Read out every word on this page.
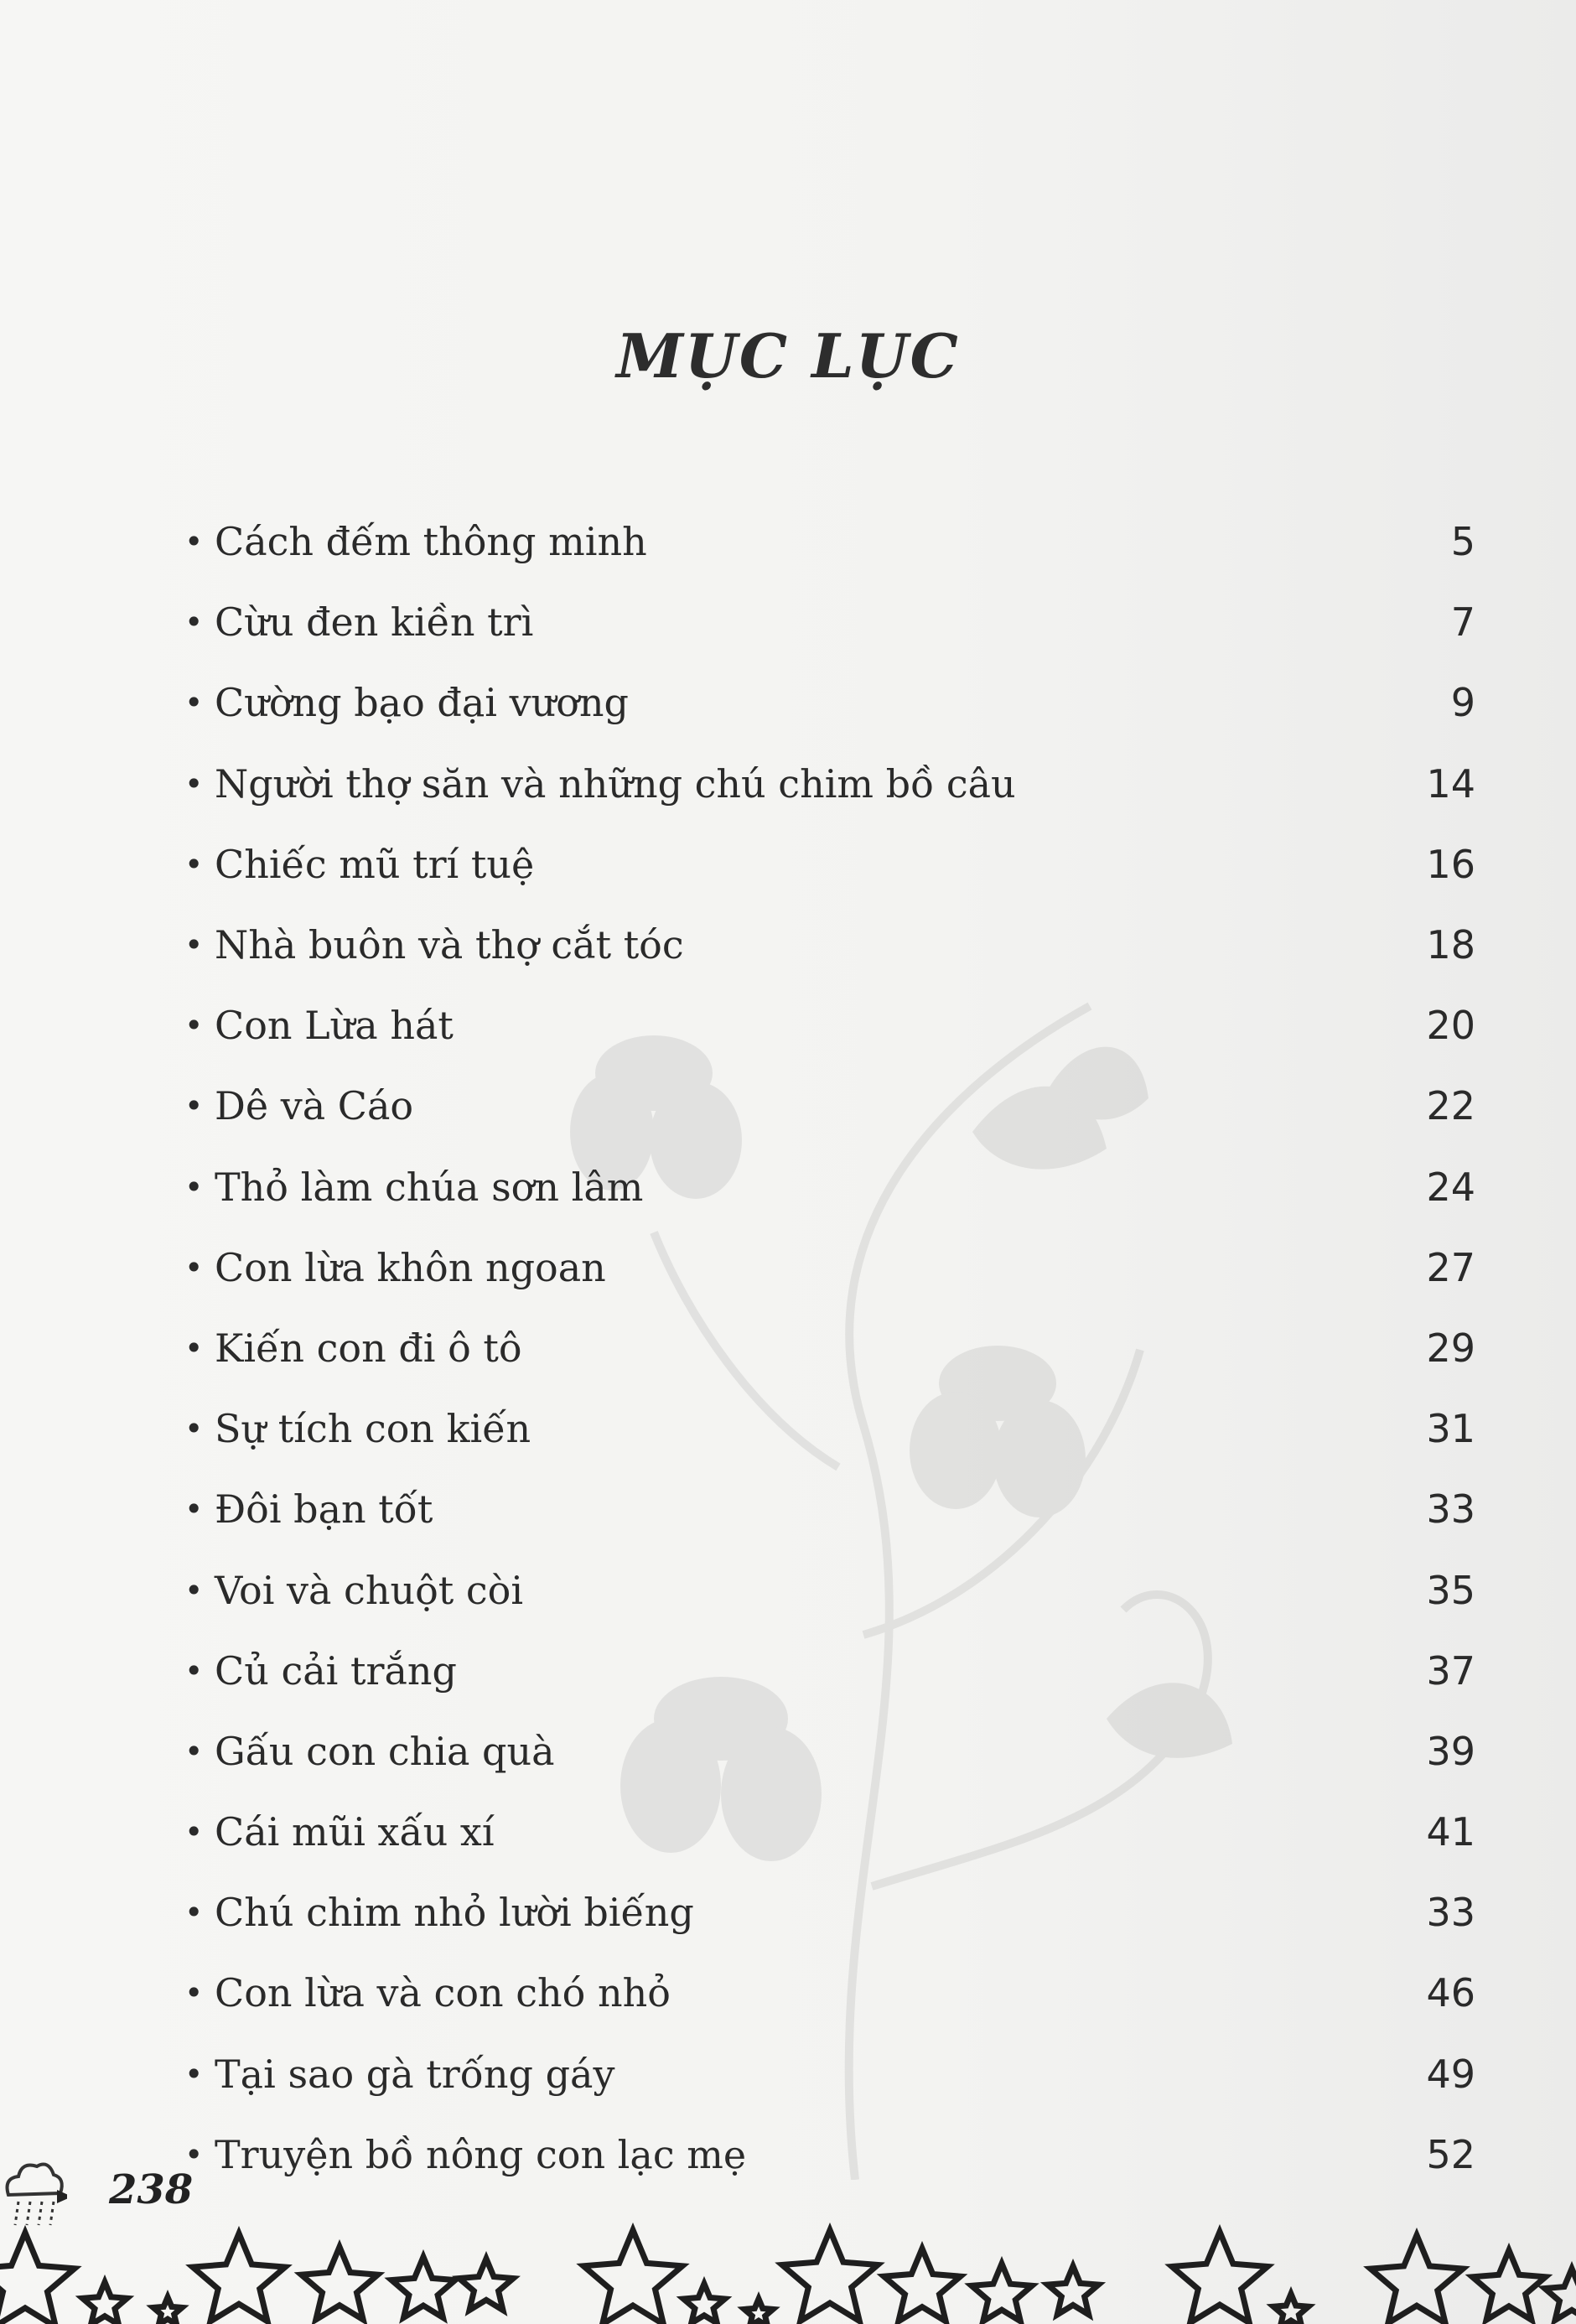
MỤC LỤC
• Cách đếm thông minh	5
• Cừu đen kiền trì	7
• Cường bạo đại vương	9
• Người thợ săn và những chú chim bồ câu	14
• Chiếc mũ trí tuệ	16
• Nhà buôn và thợ cắt tóc	18
• Con Lừa hát	20
• Dê và Cáo	22
• Thỏ làm chúa sơn lâm	24
• Con lừa khôn ngoan	27
• Kiến con đi ô tô	29
• Sự tích con kiến	31
• Đôi bạn tốt	33
• Voi và chuột còi	35
• Củ cải trắng	37
• Gấu con chia quà	39
• Cái mũi xấu xí	41
• Chú chim nhỏ lười biếng	33
• Con lừa và con chó nhỏ	46
• Tại sao gà trống gáy	49
• Truyện bồ nông con lạc mẹ	52
238
